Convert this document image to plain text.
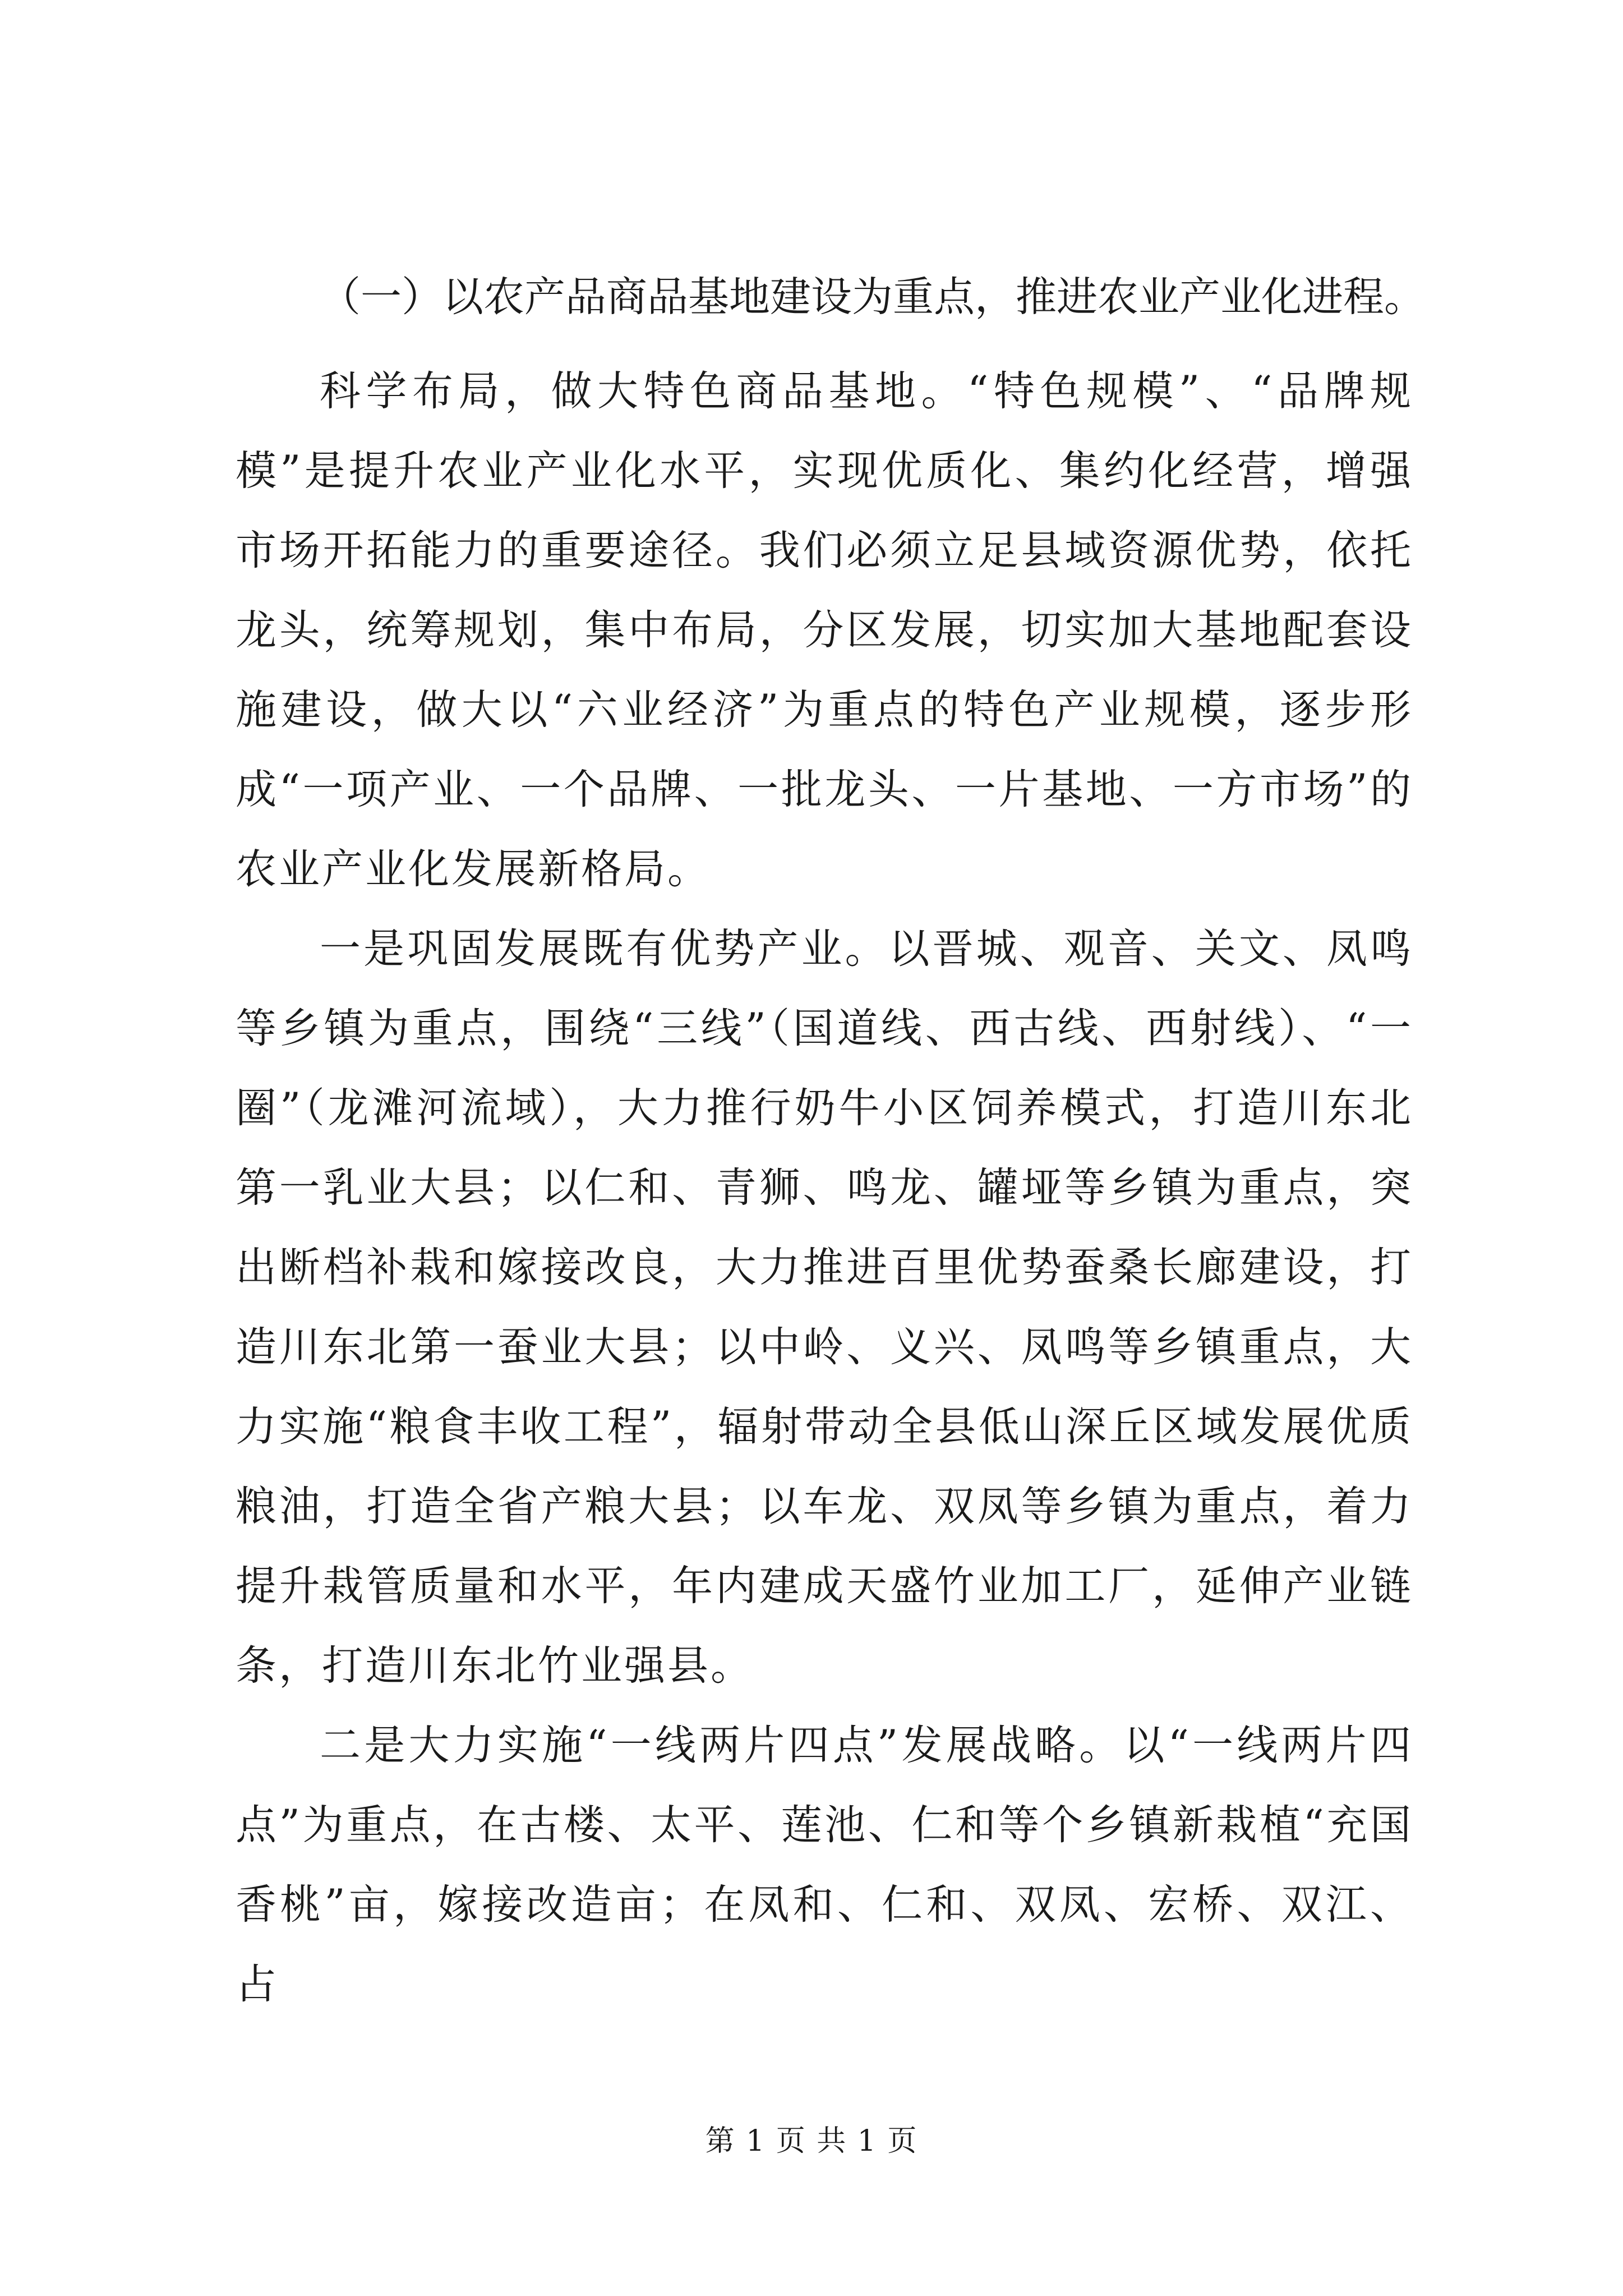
（一）以农产品商品基地建设为重点，推进农业产业化进程。

科学布局，做大特色商品基地。“特色规模”、“品牌规模”是提升农业产业化水平，实现优质化、集约化经营，增强市场开拓能力的重要途径。我们必须立足县域资源优势，依托龙头，统筹规划，集中布局，分区发展，切实加大基地配套设施建设，做大以“六业经济”为重点的特色产业规模，逐步形成“一项产业、一个品牌、一批龙头、一片基地、一方市场”的农业产业化发展新格局。

一是巩固发展既有优势产业。以晋城、观音、关文、凤鸣等乡镇为重点，围绕“三线”（国道线、西古线、西射线）、“一圈”（龙滩河流域），大力推行奶牛小区饲养模式，打造川东北第一乳业大县；以仁和、青狮、鸣龙、罐垭等乡镇为重点，突出断档补栽和嫁接改良，大力推进百里优势蚕桑长廊建设，打造川东北第一蚕业大县；以中岭、义兴、凤鸣等乡镇重点，大力实施“粮食丰收工程”，辐射带动全县低山深丘区域发展优质粮油，打造全省产粮大县；以车龙、双凤等乡镇为重点，着力提升栽管质量和水平，年内建成天盛竹业加工厂，延伸产业链条，打造川东北竹业强县。

二是大力实施“一线两片四点”发展战略。以“一线两片四点”为重点，在古楼、太平、莲池、仁和等个乡镇新栽植“充国香桃”亩，嫁接改造亩；在凤和、仁和、双凤、宏桥、双江、占

第 1 页 共 1 页
